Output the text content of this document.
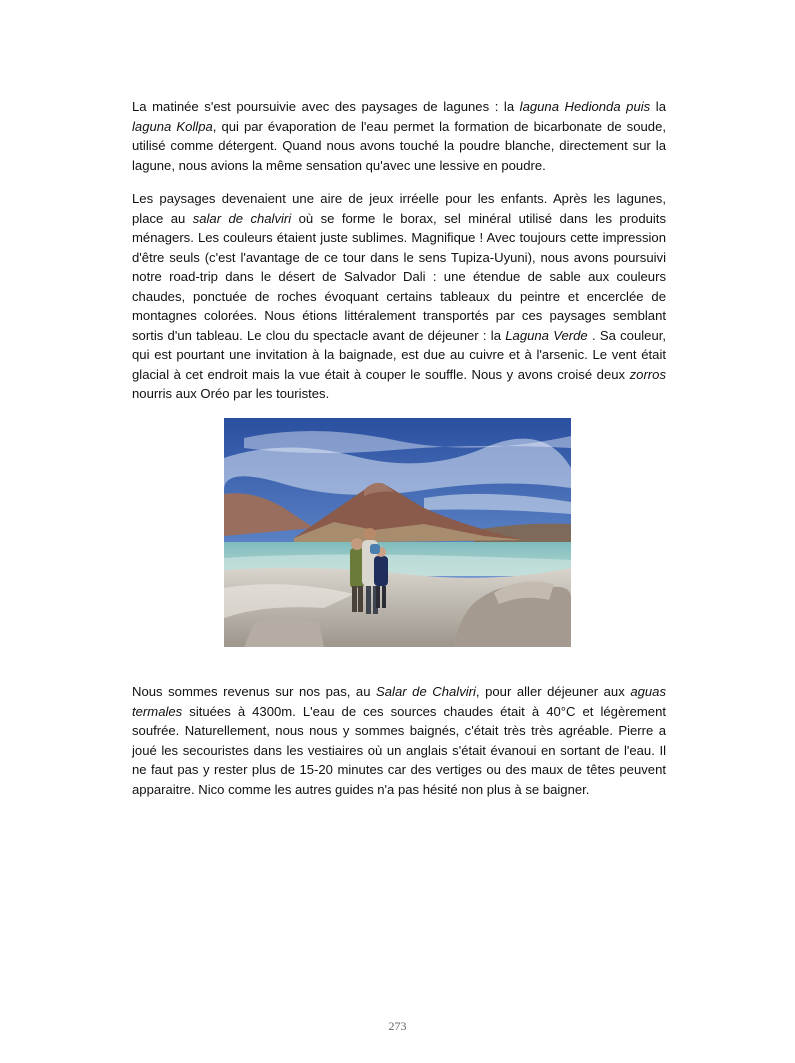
La matinée s'est poursuivie avec des paysages de lagunes : la laguna Hedionda puis la laguna Kollpa, qui par évaporation de l'eau permet la formation de bicarbonate de soude, utilisé comme détergent. Quand nous avons touché la poudre blanche, directement sur la lagune, nous avions la même sensation qu'avec une lessive en poudre.

Les paysages devenaient une aire de jeux irréelle pour les enfants. Après les lagunes, place au salar de chalviri où se forme le borax, sel minéral utilisé dans les produits ménagers. Les couleurs étaient juste sublimes. Magnifique ! Avec toujours cette impression d'être seuls (c'est l'avantage de ce tour dans le sens Tupiza-Uyuni), nous avons poursuivi notre road-trip dans le désert de Salvador Dali : une étendue de sable aux couleurs chaudes, ponctuée de roches évoquant certains tableaux du peintre et encerclée de montagnes colorées. Nous étions littéralement transportés par ces paysages semblant sortis d'un tableau. Le clou du spectacle avant de déjeuner : la Laguna Verde . Sa couleur, qui est pourtant une invitation à la baignade, est due au cuivre et à l'arsenic. Le vent était glacial à cet endroit mais la vue était à couper le souffle. Nous y avons croisé deux zorros nourris aux Oréo par les touristes.

Nous sommes revenus sur nos pas, au Salar de Chalviri, pour aller déjeuner aux aguas termales situées à 4300m. L'eau de ces sources chaudes était à 40°C et légèrement soufrée. Naturellement, nous nous y sommes baignés, c'était très très agréable. Pierre a joué les secouristes dans les vestiaires où un anglais s'était évanoui en sortant de l'eau. Il ne faut pas y rester plus de 15-20 minutes car des vertiges ou des maux de têtes peuvent apparaitre. Nico comme les autres guides n'a pas hésité non plus à se baigner.

273
